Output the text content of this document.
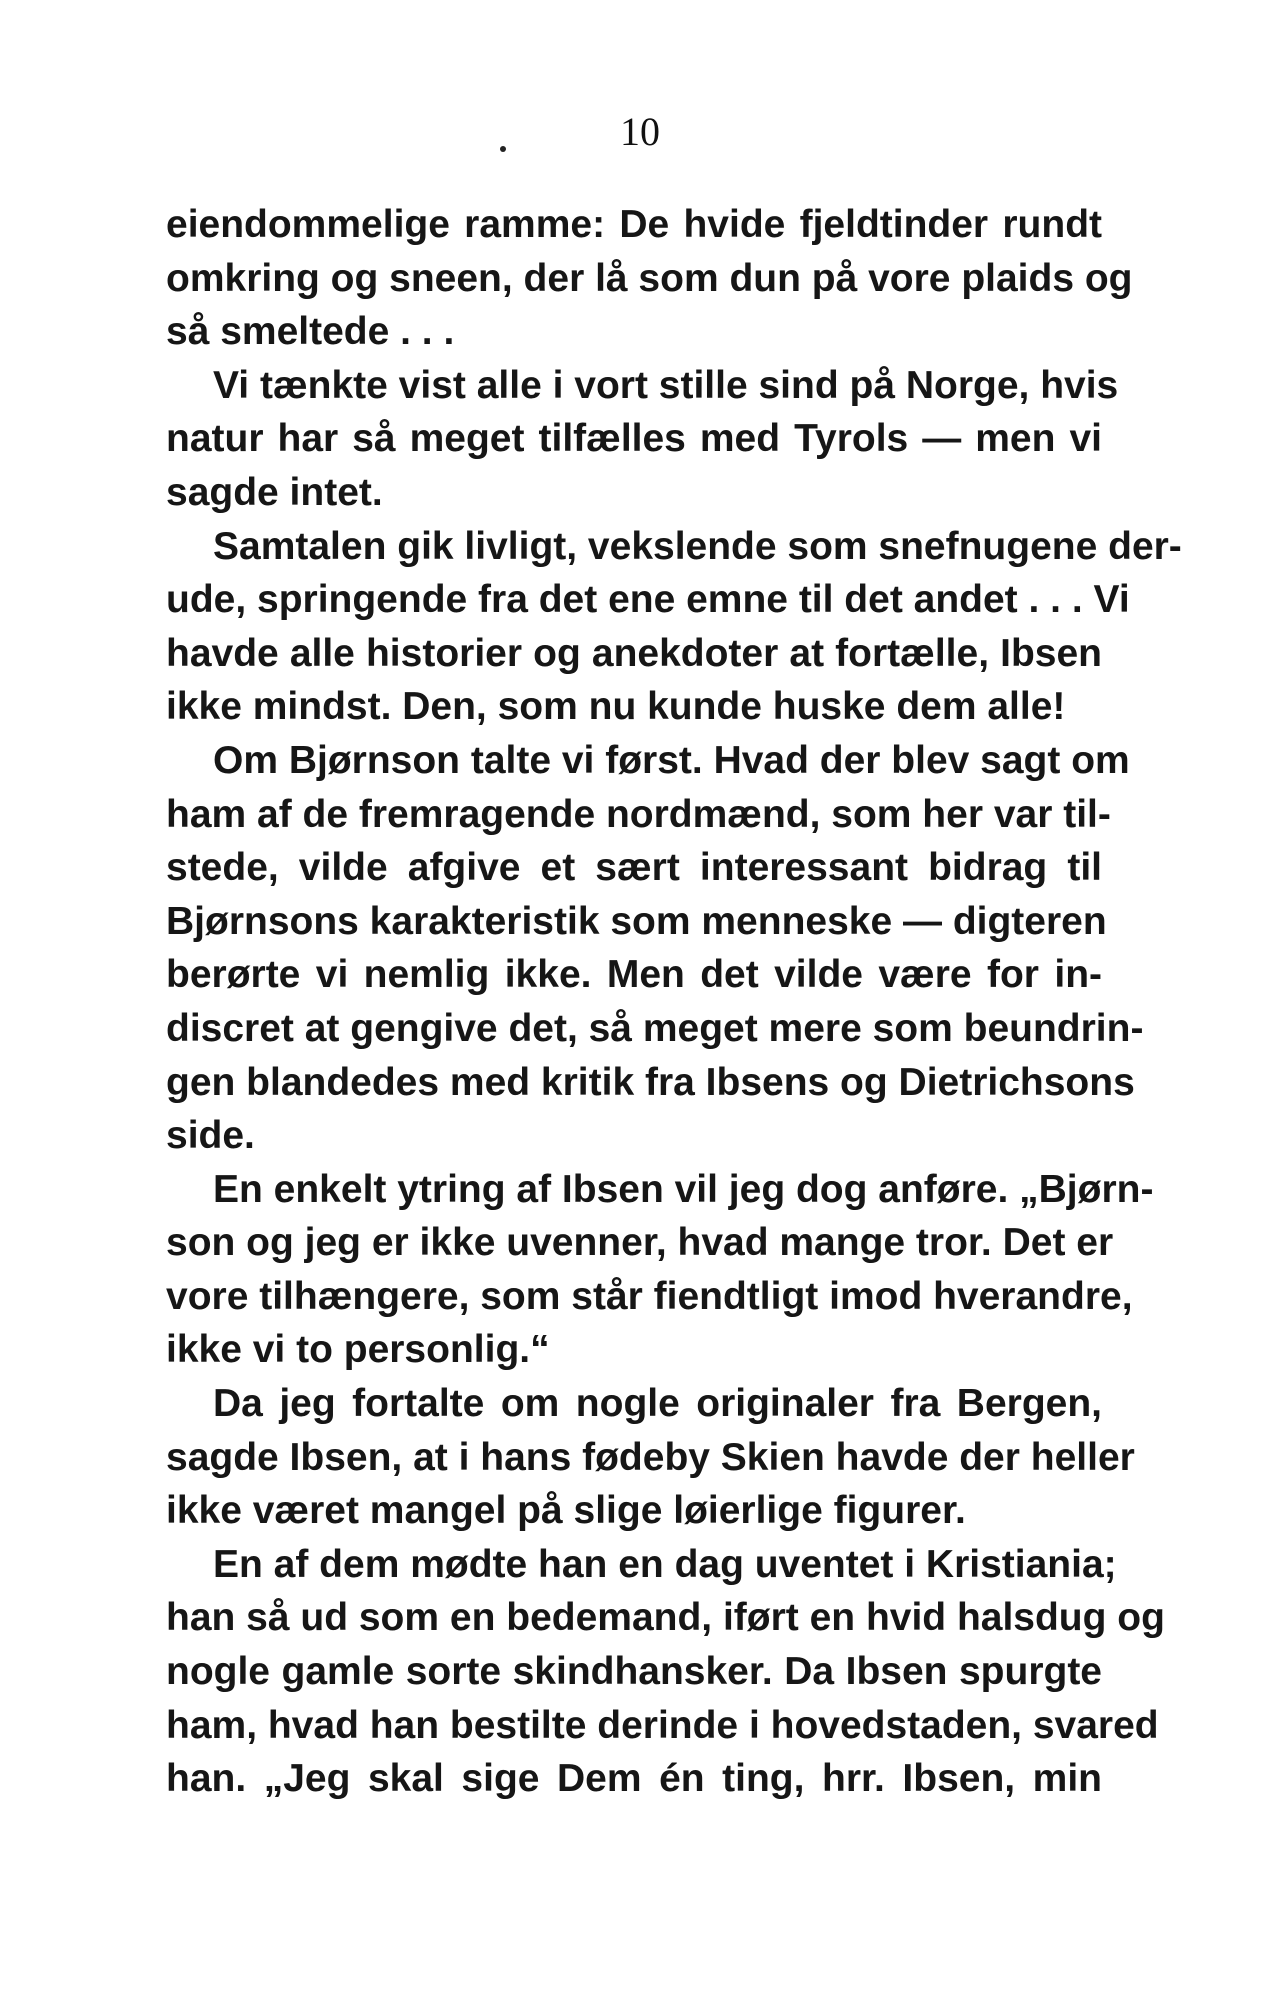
10
eiendommelige ramme: De hvide fjeldtinder rundt
omkring og sneen, der lå som dun på vore plaids og
så smeltede . . .
Vi tænkte vist alle i vort stille sind på Norge, hvis
natur har så meget tilfælles med Tyrols — men vi
sagde intet.
Samtalen gik livligt, vekslende som snefnugene der-
ude, springende fra det ene emne til det andet . . . Vi
havde alle historier og anekdoter at fortælle, Ibsen
ikke mindst. Den, som nu kunde huske dem alle!
Om Bjørnson talte vi først. Hvad der blev sagt om
ham af de fremragende nordmænd, som her var til-
stede, vilde afgive et sært interessant bidrag til
Bjørnsons karakteristik som menneske — digteren
berørte vi nemlig ikke. Men det vilde være for in-
discret at gengive det, så meget mere som beundrin-
gen blandedes med kritik fra Ibsens og Dietrichsons
side.
En enkelt ytring af Ibsen vil jeg dog anføre. „Bjørn-
son og jeg er ikke uvenner, hvad mange tror. Det er
vore tilhængere, som står fiendtligt imod hverandre,
ikke vi to personlig.“
Da jeg fortalte om nogle originaler fra Bergen,
sagde Ibsen, at i hans fødeby Skien havde der heller
ikke været mangel på slige løierlige figurer.
En af dem mødte han en dag uventet i Kristiania;
han så ud som en bedemand, iført en hvid halsdug og
nogle gamle sorte skindhansker. Da Ibsen spurgte
ham, hvad han bestilte derinde i hovedstaden, svared
han. „Jeg skal sige Dem én ting, hrr. Ibsen, min
